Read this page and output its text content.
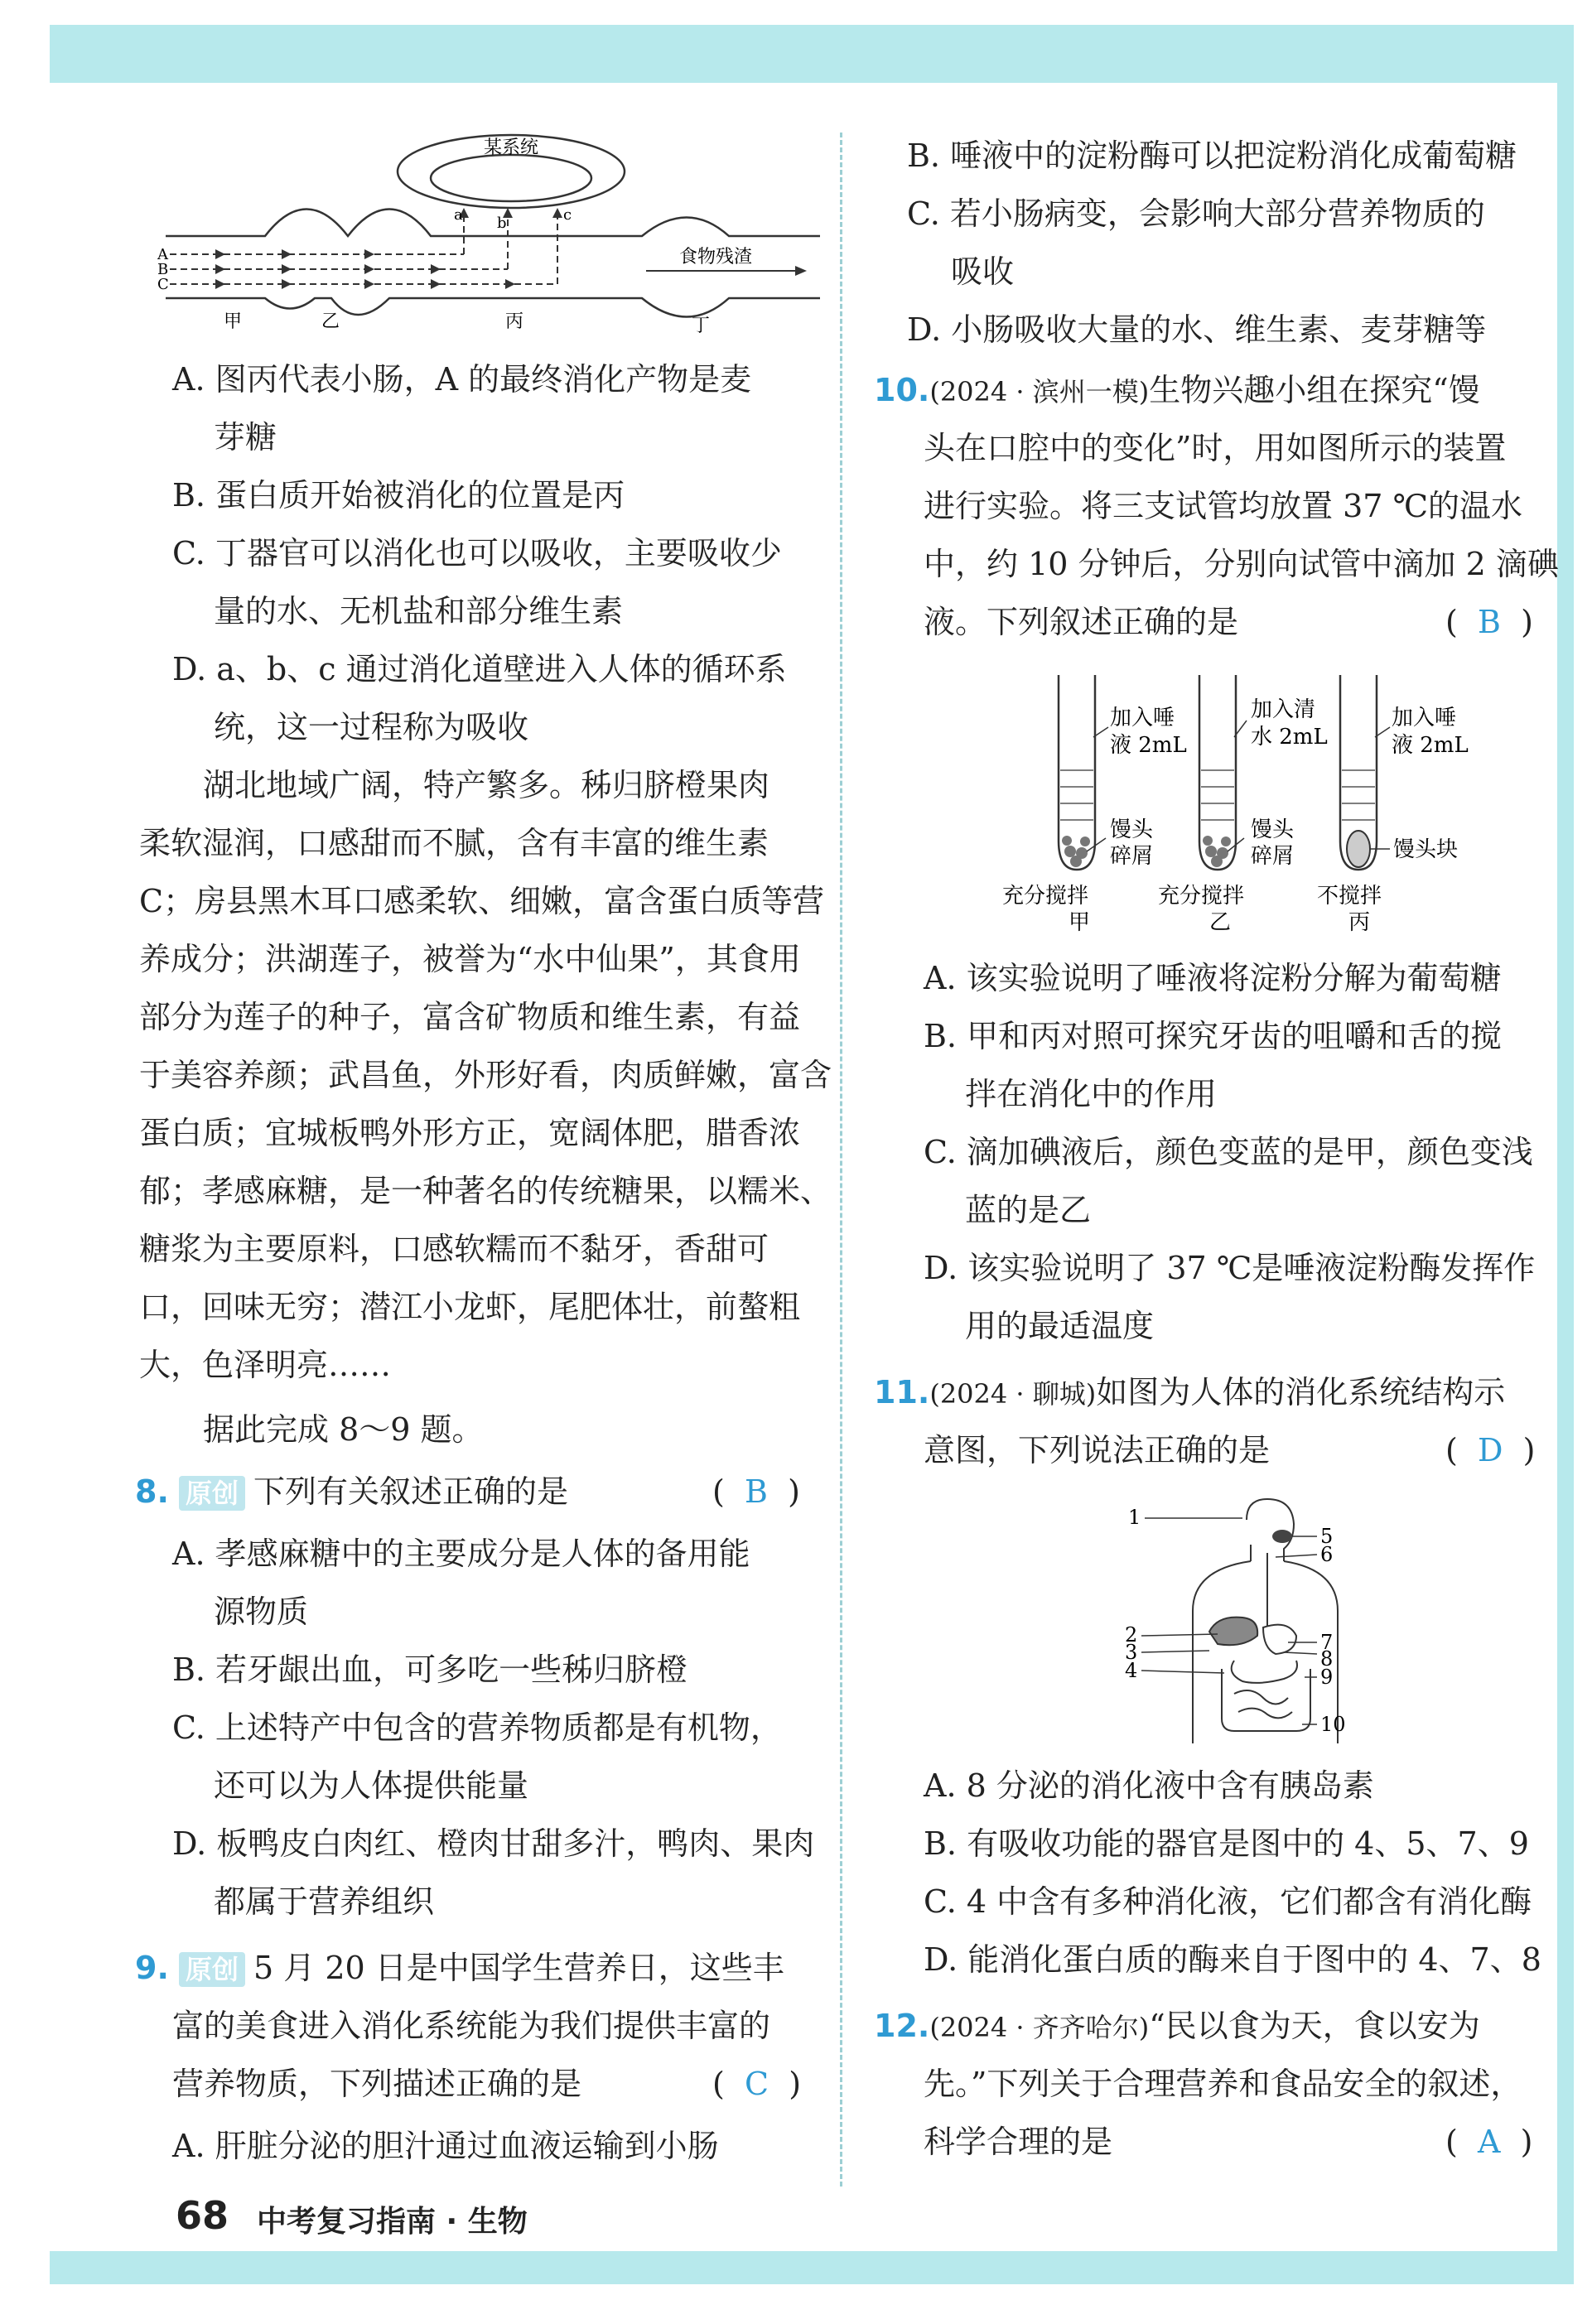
某系统
食物残渣
A
B
C
a b	c
甲	乙	丙	丁
A. 图丙代表小肠，A 的最终消化产物是麦
芽糖
B. 蛋白质开始被消化的位置是丙
C. 丁器官可以消化也可以吸收，主要吸收少
量的水、无机盐和部分维生素
D. a、b、c 通过消化道壁进入人体的循环系
统，这一过程称为吸收
湖北地域广阔，特产繁多。秭归脐橙果肉
柔软湿润，口感甜而不腻，含有丰富的维生素
C；房县黑木耳口感柔软、细嫩，富含蛋白质等营
养成分；洪湖莲子，被誉为“水中仙果”，其食用
部分为莲子的种子，富含矿物质和维生素，有益
于美容养颜；武昌鱼，外形好看，肉质鲜嫩，富含
蛋白质；宜城板鸭外形方正，宽阔体肥，腊香浓
郁；孝感麻糖，是一种著名的传统糖果，以糯米、
糖浆为主要原料，口感软糯而不黏牙，香甜可
口，回味无穷；潜江小龙虾，尾肥体壮，前螯粗
大，色泽明亮……
据此完成 8～9 题。
8. 原创 下列有关叙述正确的是	(  B  )
A. 孝感麻糖中的主要成分是人体的备用能
源物质
B. 若牙龈出血，可多吃一些秭归脐橙
C. 上述特产中包含的营养物质都是有机物，
还可以为人体提供能量
D. 板鸭皮白肉红、橙肉甘甜多汁，鸭肉、果肉
都属于营养组织
9. 原创 5 月 20 日是中国学生营养日，这些丰
富的美食进入消化系统能为我们提供丰富的
营养物质，下列描述正确的是	(  C  )
A. 肝脏分泌的胆汁通过血液运输到小肠
B. 唾液中的淀粉酶可以把淀粉消化成葡萄糖
C. 若小肠病变，会影响大部分营养物质的
吸收
D. 小肠吸收大量的水、维生素、麦芽糖等
10.(2024 · 滨州一模)生物兴趣小组在探究“馒
头在口腔中的变化”时，用如图所示的装置
进行实验。将三支试管均放置 37 ℃的温水
中，约 10 分钟后，分别向试管中滴加 2 滴碘
液。下列叙述正确的是	(  B  )
加入唾
液 2mL
馒头
碎屑
充分搅拌
甲
加入清
水 2mL
馒头
碎屑
充分搅拌
乙
加入唾
液 2mL
馒头块
不搅拌
丙
A. 该实验说明了唾液将淀粉分解为葡萄糖
B. 甲和丙对照可探究牙齿的咀嚼和舌的搅
拌在消化中的作用
C. 滴加碘液后，颜色变蓝的是甲，颜色变浅
蓝的是乙
D. 该实验说明了 37 ℃是唾液淀粉酶发挥作
用的最适温度
11.(2024 · 聊城)如图为人体的消化系统结构示
意图，下列说法正确的是	(  D  )
1
2
3
4
5
6
7
8
9
10
A. 8 分泌的消化液中含有胰岛素
B. 有吸收功能的器官是图中的 4、5、7、9
C. 4 中含有多种消化液，它们都含有消化酶
D. 能消化蛋白质的酶来自于图中的 4、7、8
12.(2024 · 齐齐哈尔)“民以食为天，食以安为
先。”下列关于合理营养和食品安全的叙述，
科学合理的是	(  A  )
68 中考复习指南 · 生物
